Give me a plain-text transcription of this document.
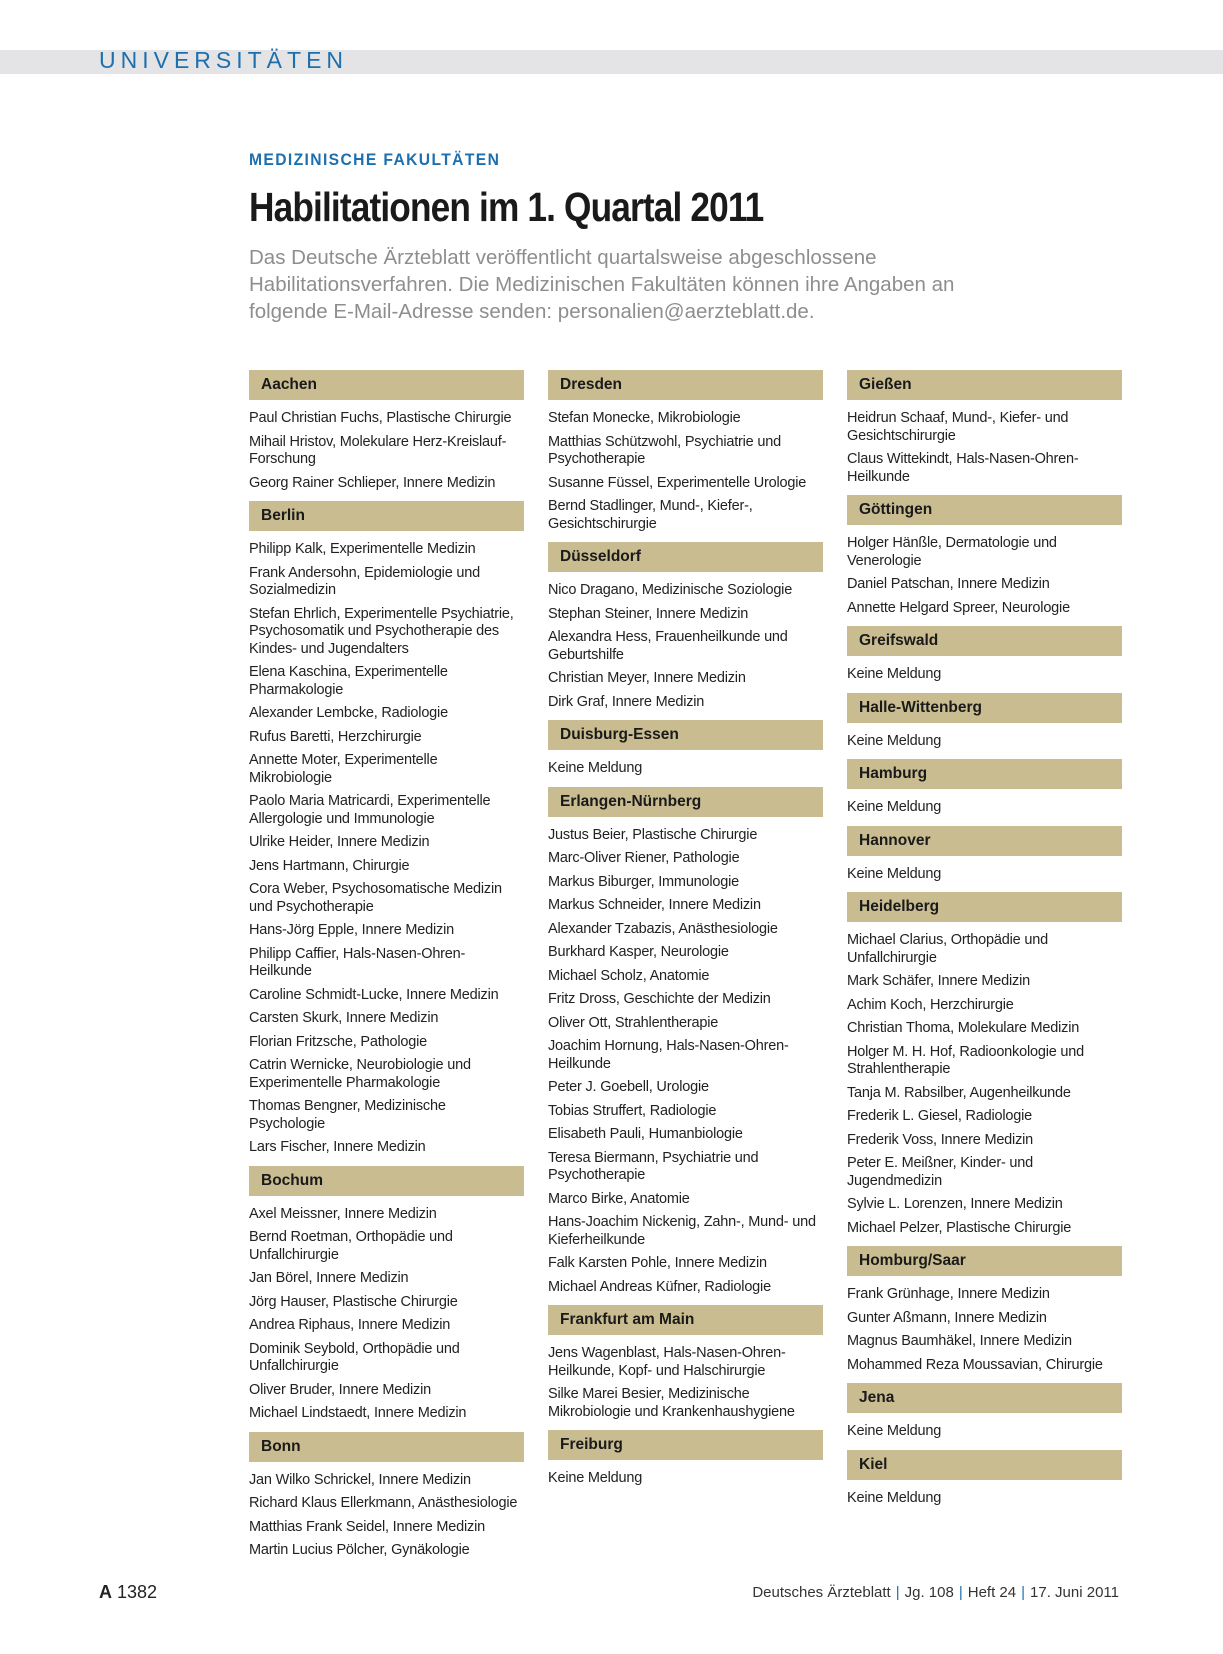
UNIVERSITÄTEN
MEDIZINISCHE FAKULTÄTEN
Habilitationen im 1. Quartal 2011
Das Deutsche Ärzteblatt veröffentlicht quartalsweise abgeschlossene Habilitationsverfahren. Die Medizinischen Fakultäten können ihre Angaben an folgende E-Mail-Adresse senden: personalien@aerzteblatt.de.
Aachen
Paul Christian Fuchs, Plastische Chirurgie
Mihail Hristov, Molekulare Herz-Kreislauf-Forschung
Georg Rainer Schlieper, Innere Medizin
Berlin
Philipp Kalk, Experimentelle Medizin
Frank Andersohn, Epidemiologie und Sozialmedizin
Stefan Ehrlich, Experimentelle Psychiatrie, Psychosomatik und Psychotherapie des Kindes- und Jugendalters
Elena Kaschina, Experimentelle Pharmakologie
Alexander Lembcke, Radiologie
Rufus Baretti, Herzchirurgie
Annette Moter, Experimentelle Mikrobiologie
Paolo Maria Matricardi, Experimentelle Allergologie und Immunologie
Ulrike Heider, Innere Medizin
Jens Hartmann, Chirurgie
Cora Weber, Psychosomatische Medizin und Psychotherapie
Hans-Jörg Epple, Innere Medizin
Philipp Caffier, Hals-Nasen-Ohren-Heilkunde
Caroline Schmidt-Lucke, Innere Medizin
Carsten Skurk, Innere Medizin
Florian Fritzsche, Pathologie
Catrin Wernicke, Neurobiologie und Experimentelle Pharmakologie
Thomas Bengner, Medizinische Psychologie
Lars Fischer, Innere Medizin
Bochum
Axel Meissner, Innere Medizin
Bernd Roetman, Orthopädie und Unfallchirurgie
Jan Börel, Innere Medizin
Jörg Hauser, Plastische Chirurgie
Andrea Riphaus, Innere Medizin
Dominik Seybold, Orthopädie und Unfallchirurgie
Oliver Bruder, Innere Medizin
Michael Lindstaedt, Innere Medizin
Bonn
Jan Wilko Schrickel, Innere Medizin
Richard Klaus Ellerkmann, Anästhesiologie
Matthias Frank Seidel, Innere Medizin
Martin Lucius Pölcher, Gynäkologie
Dresden
Stefan Monecke, Mikrobiologie
Matthias Schützwohl, Psychiatrie und Psychotherapie
Susanne Füssel, Experimentelle Urologie
Bernd Stadlinger, Mund-, Kiefer-, Gesichtschirurgie
Düsseldorf
Nico Dragano, Medizinische Soziologie
Stephan Steiner, Innere Medizin
Alexandra Hess, Frauenheilkunde und Geburtshilfe
Christian Meyer, Innere Medizin
Dirk Graf, Innere Medizin
Duisburg-Essen
Keine Meldung
Erlangen-Nürnberg
Justus Beier, Plastische Chirurgie
Marc-Oliver Riener, Pathologie
Markus Biburger, Immunologie
Markus Schneider, Innere Medizin
Alexander Tzabazis, Anästhesiologie
Burkhard Kasper, Neurologie
Michael Scholz, Anatomie
Fritz Dross, Geschichte der Medizin
Oliver Ott, Strahlentherapie
Joachim Hornung, Hals-Nasen-Ohren-Heilkunde
Peter J. Goebell, Urologie
Tobias Struffert, Radiologie
Elisabeth Pauli, Humanbiologie
Teresa Biermann, Psychiatrie und Psychotherapie
Marco Birke, Anatomie
Hans-Joachim Nickenig, Zahn-, Mund- und Kieferheilkunde
Falk Karsten Pohle, Innere Medizin
Michael Andreas Küfner, Radiologie
Frankfurt am Main
Jens Wagenblast, Hals-Nasen-Ohren-Heilkunde, Kopf- und Halschirurgie
Silke Marei Besier, Medizinische Mikrobiologie und Krankenhaushygiene
Freiburg
Keine Meldung
Gießen
Heidrun Schaaf, Mund-, Kiefer- und Gesichtschirurgie
Claus Wittekindt, Hals-Nasen-Ohren-Heilkunde
Göttingen
Holger Hänßle, Dermatologie und Venerologie
Daniel Patschan, Innere Medizin
Annette Helgard Spreer, Neurologie
Greifswald
Keine Meldung
Halle-Wittenberg
Keine Meldung
Hamburg
Keine Meldung
Hannover
Keine Meldung
Heidelberg
Michael Clarius, Orthopädie und Unfallchirurgie
Mark Schäfer, Innere Medizin
Achim Koch, Herzchirurgie
Christian Thoma, Molekulare Medizin
Holger M. H. Hof, Radioonkologie und Strahlentherapie
Tanja M. Rabsilber, Augenheilkunde
Frederik L. Giesel, Radiologie
Frederik Voss, Innere Medizin
Peter E. Meißner, Kinder- und Jugendmedizin
Sylvie L. Lorenzen, Innere Medizin
Michael Pelzer, Plastische Chirurgie
Homburg/Saar
Frank Grünhage, Innere Medizin
Gunter Aßmann, Innere Medizin
Magnus Baumhäkel, Innere Medizin
Mohammed Reza Moussavian, Chirurgie
Jena
Keine Meldung
Kiel
Keine Meldung
A 1382	Deutsches Ärzteblatt | Jg. 108 | Heft 24 | 17. Juni 2011
